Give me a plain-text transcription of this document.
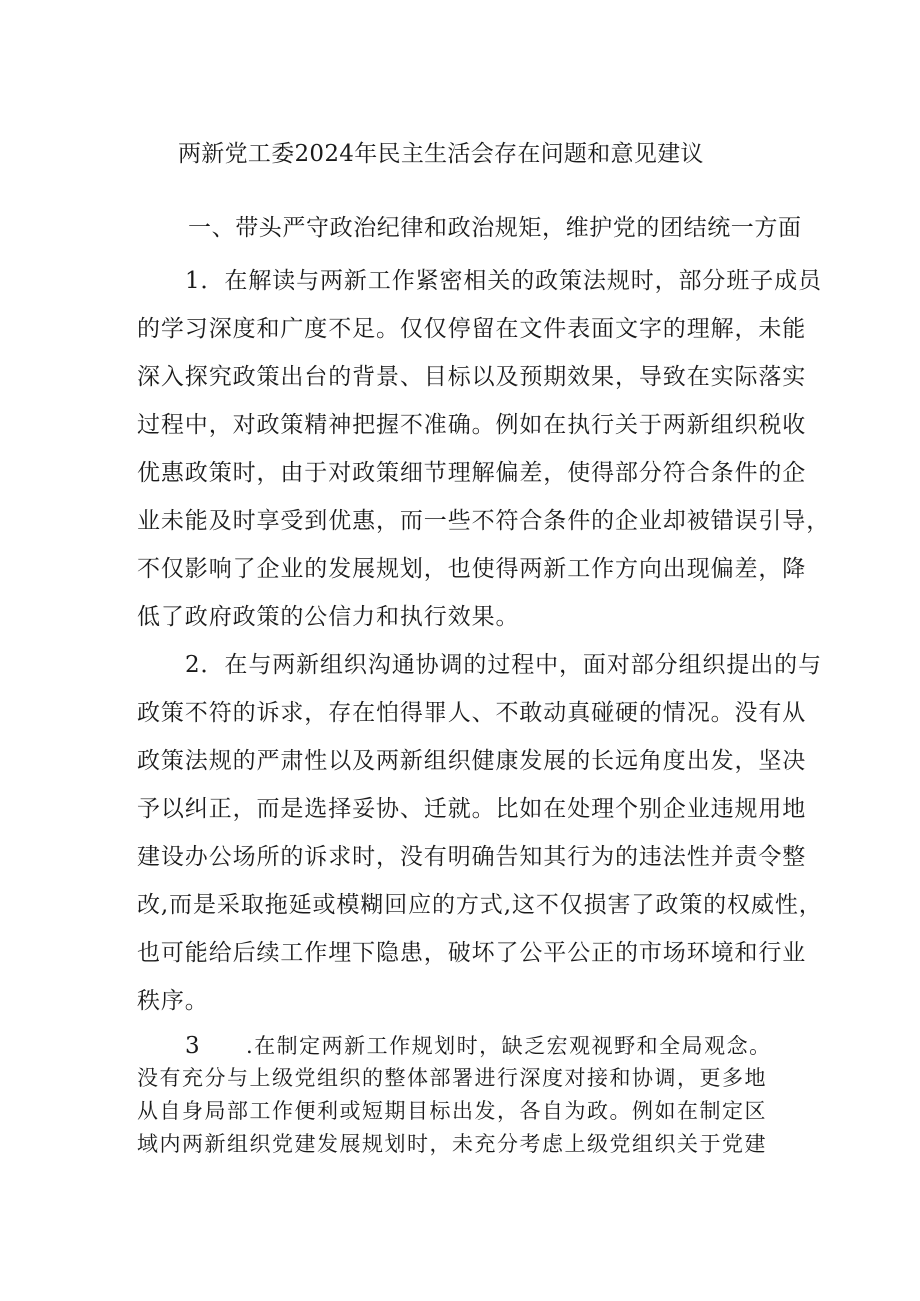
两新党工委2024年民主生活会存在问题和意见建议
一、带头严守政治纪律和政治规矩，维护党的团结统一方面
1．在解读与两新工作紧密相关的政策法规时，部分班子成员
的学习深度和广度不足。仅仅停留在文件表面文字的理解，未能
深入探究政策出台的背景、目标以及预期效果，导致在实际落实
过程中，对政策精神把握不准确。例如在执行关于两新组织税收
优惠政策时，由于对政策细节理解偏差，使得部分符合条件的企
业未能及时享受到优惠，而一些不符合条件的企业却被错误引导，
不仅影响了企业的发展规划，也使得两新工作方向出现偏差，降
低了政府政策的公信力和执行效果。
2．在与两新组织沟通协调的过程中，面对部分组织提出的与
政策不符的诉求，存在怕得罪人、不敢动真碰硬的情况。没有从
政策法规的严肃性以及两新组织健康发展的长远角度出发，坚决
予以纠正，而是选择妥协、迁就。比如在处理个别企业违规用地
建设办公场所的诉求时，没有明确告知其行为的违法性并责令整
改,而是采取拖延或模糊回应的方式,这不仅损害了政策的权威性，
也可能给后续工作埋下隐患，破坏了公平公正的市场环境和行业
秩序。
3 .在制定两新工作规划时，缺乏宏观视野和全局观念。
没有充分与上级党组织的整体部署进行深度对接和协调，更多地
从自身局部工作便利或短期目标出发，各自为政。例如在制定区
域内两新组织党建发展规划时，未充分考虑上级党组织关于党建
